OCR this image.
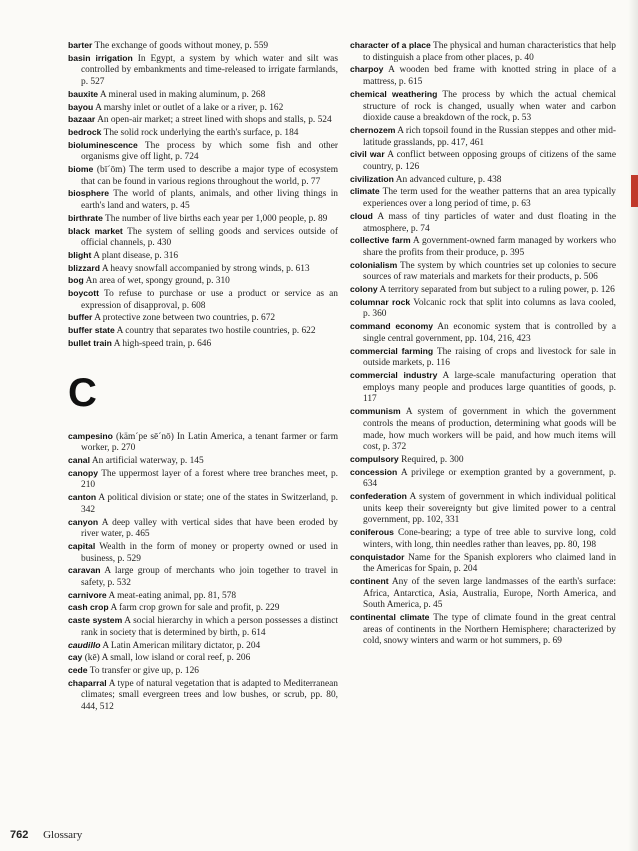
barter The exchange of goods without money, p. 559

basin irrigation In Egypt, a system by which water and silt was controlled by embankments and time-released to irrigate farmlands, p. 527

bauxite A mineral used in making aluminum, p. 268

bayou A marshy inlet or outlet of a lake or a river, p. 162

bazaar An open-air market; a street lined with shops and stalls, p. 524

bedrock The solid rock underlying the earth's surface, p. 184

bioluminescence The process by which some fish and other organisms give off light, p. 724

biome (bī´ōm) The term used to describe a major type of ecosystem that can be found in various regions throughout the world, p. 77

biosphere The world of plants, animals, and other living things in earth's land and waters, p. 45

birthrate The number of live births each year per 1,000 people, p. 89

black market The system of selling goods and services outside of official channels, p. 430

blight A plant disease, p. 316

blizzard A heavy snowfall accompanied by strong winds, p. 613

bog An area of wet, spongy ground, p. 310

boycott To refuse to purchase or use a product or service as an expression of disapproval, p. 608

buffer A protective zone between two countries, p. 672

buffer state A country that separates two hostile countries, p. 622

bullet train A high-speed train, p. 646

C

campesino (käm´pe sē´nō) In Latin America, a tenant farmer or farm worker, p. 270

canal An artificial waterway, p. 145

canopy The uppermost layer of a forest where tree branches meet, p. 210

canton A political division or state; one of the states in Switzerland, p. 342

canyon A deep valley with vertical sides that have been eroded by river water, p. 465

capital Wealth in the form of money or property owned or used in business, p. 529

caravan A large group of merchants who join together to travel in safety, p. 532

carnivore A meat-eating animal, pp. 81, 578

cash crop A farm crop grown for sale and profit, p. 229

caste system A social hierarchy in which a person possesses a distinct rank in society that is determined by birth, p. 614

caudillo A Latin American military dictator, p. 204

cay (kē) A small, low island or coral reef, p. 206

cede To transfer or give up, p. 126

chaparral A type of natural vegetation that is adapted to Mediterranean climates; small evergreen trees and low bushes, or scrub, pp. 80, 444, 512

character of a place The physical and human characteristics that help to distinguish a place from other places, p. 40

charpoy A wooden bed frame with knotted string in place of a mattress, p. 615

chemical weathering The process by which the actual chemical structure of rock is changed, usually when water and carbon dioxide cause a breakdown of the rock, p. 53

chernozem A rich topsoil found in the Russian steppes and other mid-latitude grasslands, pp. 417, 461

civil war A conflict between opposing groups of citizens of the same country, p. 126

civilization An advanced culture, p. 438

climate The term used for the weather patterns that an area typically experiences over a long period of time, p. 63

cloud A mass of tiny particles of water and dust floating in the atmosphere, p. 74

collective farm A government-owned farm managed by workers who share the profits from their produce, p. 395

colonialism The system by which countries set up colonies to secure sources of raw materials and markets for their products, p. 506

colony A territory separated from but subject to a ruling power, p. 126

columnar rock Volcanic rock that split into columns as lava cooled, p. 360

command economy An economic system that is controlled by a single central government, pp. 104, 216, 423

commercial farming The raising of crops and livestock for sale in outside markets, p. 116

commercial industry A large-scale manufacturing operation that employs many people and produces large quantities of goods, p. 117

communism A system of government in which the government controls the means of production, determining what goods will be made, how much workers will be paid, and how much items will cost, p. 372

compulsory Required, p. 300

concession A privilege or exemption granted by a government, p. 634

confederation A system of government in which individual political units keep their sovereignty but give limited power to a central government, pp. 102, 331

coniferous Cone-bearing; a type of tree able to survive long, cold winters, with long, thin needles rather than leaves, pp. 80, 198

conquistador Name for the Spanish explorers who claimed land in the Americas for Spain, p. 204

continent Any of the seven large landmasses of the earth's surface: Africa, Antarctica, Asia, Australia, Europe, North America, and South America, p. 45

continental climate The type of climate found in the great central areas of continents in the Northern Hemisphere; characterized by cold, snowy winters and warm or hot summers, p. 69

762 Glossary
